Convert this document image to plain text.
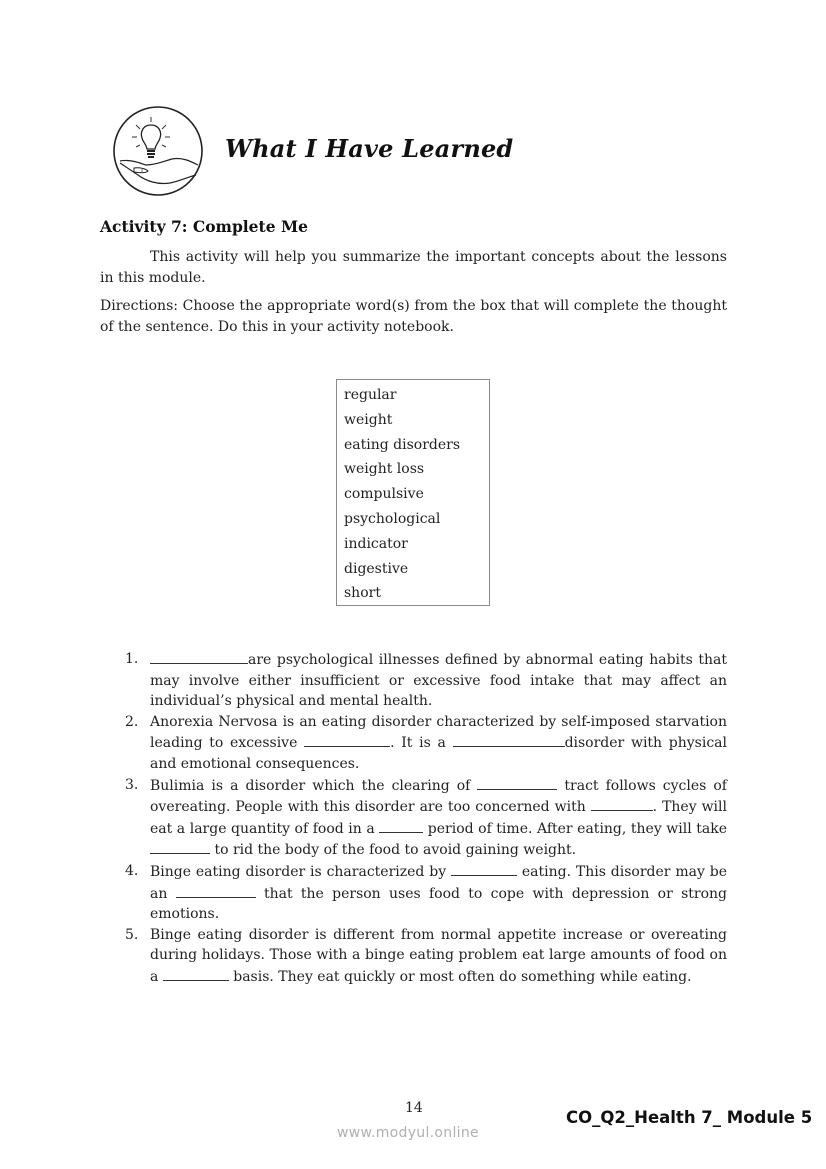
What I Have Learned
Activity 7: Complete Me
This activity will help you summarize the important concepts about the lessons in this module.
Directions: Choose the appropriate word(s) from the box that will complete the thought of the sentence. Do this in your activity notebook.
regular
weight
eating disorders
weight loss
compulsive
psychological
indicator
digestive
short
1.	are psychological illnesses defined by abnormal eating habits that may involve either insufficient or excessive food intake that may affect an individual’s physical and mental health.
2. Anorexia Nervosa is an eating disorder characterized by self-imposed starvation leading to excessive	. It is a	disorder with physical and emotional consequences.
3. Bulimia is a disorder which the clearing of	tract follows cycles of overeating. People with this disorder are too concerned with	. They will eat a large quantity of food in a	period of time. After eating, they will take  to rid the body of the food to avoid gaining weight.
4. Binge eating disorder is characterized by	eating. This disorder may be an	that the person uses food to cope with depression or strong emotions.
5. Binge eating disorder is different from normal appetite increase or overeating during holidays. Those with a binge eating problem eat large amounts of food on a	basis. They eat quickly or most often do something while eating.
14	CO_Q2_Health 7_ Module 5
www.modyul.online
